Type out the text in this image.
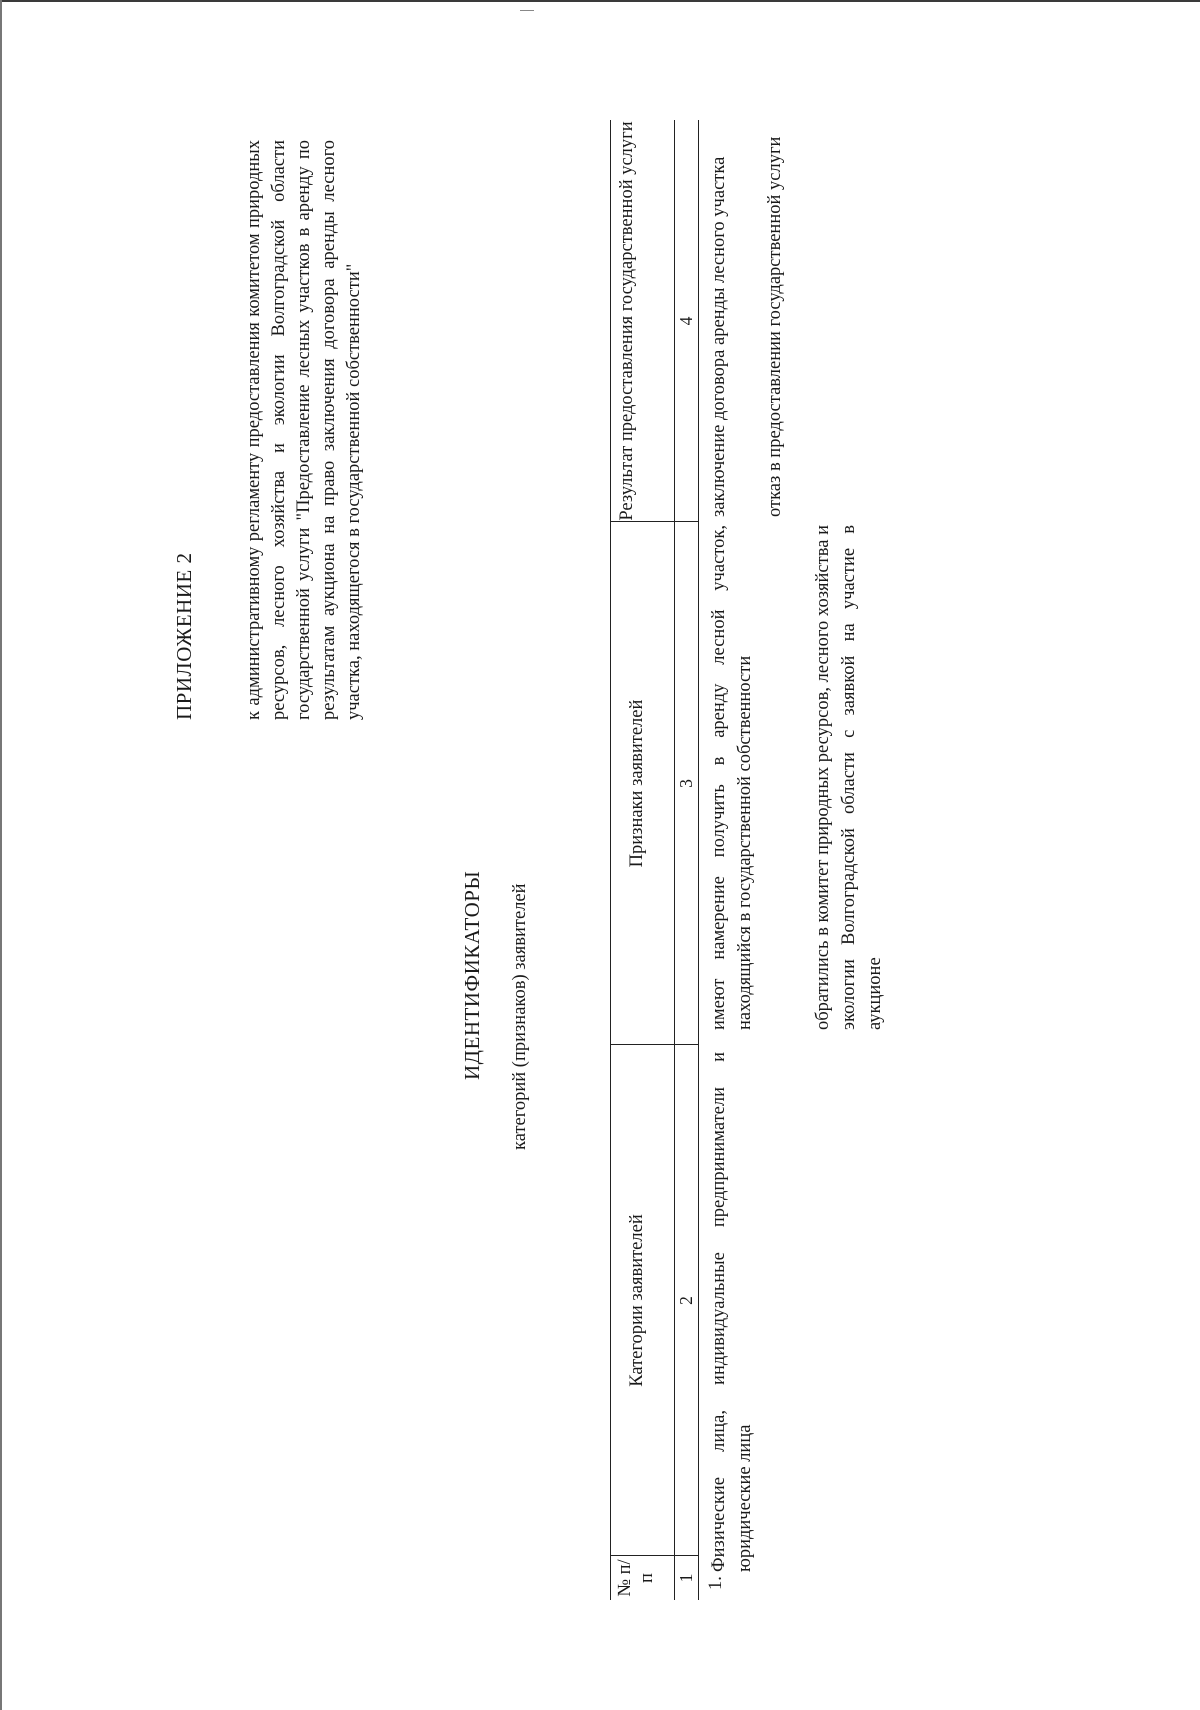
ПРИЛОЖЕНИЕ 2	к административному регламенту предоставления комитетом природных ресурсов, лесного хозяйства и экологии Волгоградской области государственной услуги "Предоставление лесных участков в аренду по результатам аукциона на право заключения договора аренды лесного участка, находящегося в государственной собственности"
ИДЕНТИФИКАТОРЫ категорий (признаков) заявителей
№ п/п
Категории заявителей
Признаки заявителей
Результат предоставления государственной услуги
1
2
3
4
1.
Физические лица, индивидуальные предприниматели и юридические лица
имеют намерение получить в аренду лесной участок, находящийся в государственной собственности	обратились в комитет природных ресурсов, лесного хозяйства и экологии Волгоградской области с заявкой на участие в аукционе
заключение договора аренды лесного участка отказ в предоставлении государственной услуги
